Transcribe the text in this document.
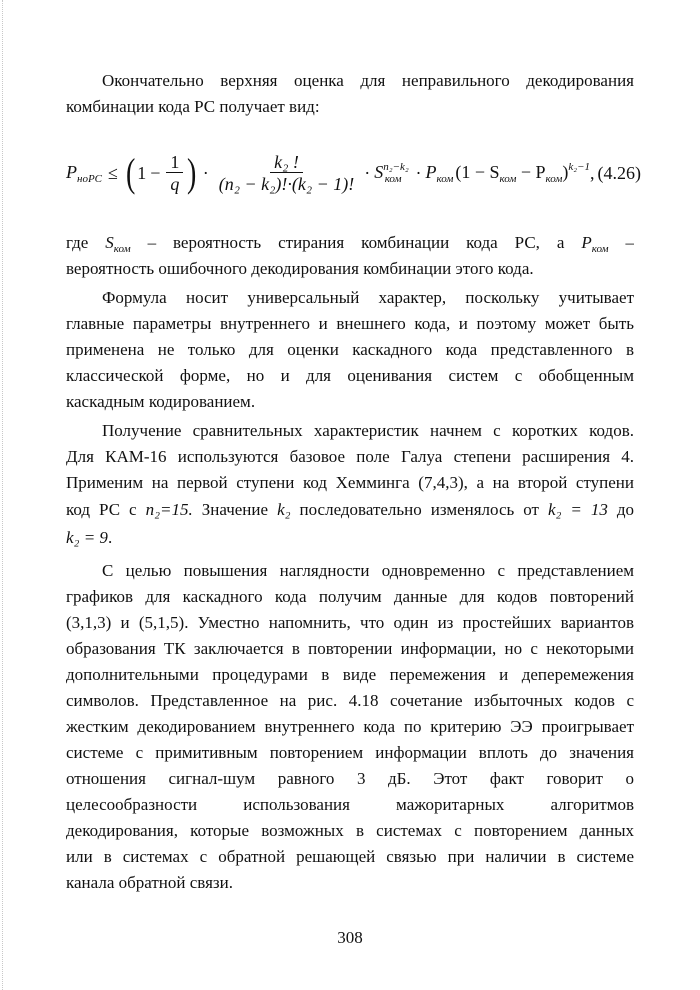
Окончательно верхняя оценка для неправильного декодирования
комбинации кода РС получает вид:
$P_{ноРС}$ ≤ ( $1 - \frac{1}{q}$ ) · $\frac{\text{k₂ !}}{\text{(n₂ − k₂)!·(k₂ − 1)!}} \cdot S^{n_2-k_2}_{ком} \cdot P_{ком}$ $(1 - S_{ком} - P_{ком})^{k_2-1}$ , (4.26)
где $S_{ком}$ – вероятность стирания комбинации кода РС, а $P_{ком}$ –
вероятность ошибочного декодирования комбинации этого кода.
Формула носит универсальный характер, поскольку учитывает
главные параметры внутреннего и внешнего кода, и поэтому может быть
применена не только для оценки каскадного кода представленного в
классической форме, но и для оценивания систем с обобщенным
каскадным кодированием.
Получение сравнительных характеристик начнем с коротких кодов.
Для КАМ-16 используются базовое поле Галуа степени расширения 4.
Применим на первой ступени код Хемминга (7,4,3), а на второй ступени
код РС с n₂=15. Значение k₂ последовательно изменялось от k₂ = 13 до
k₂ = 9.
С целью повышения наглядности одновременно с представлением
графиков для каскадного кода получим данные для кодов повторений
(3,1,3) и (5,1,5). Уместно напомнить, что один из простейших вариантов
образования ТК заключается в повторении информации, но с некоторыми
дополнительными процедурами в виде перемежения и деперемежения
символов. Представленное на рис. 4.18 сочетание избыточных кодов с
жестким декодированием внутреннего кода по критерию ЭЭ проигрывает
системе с примитивным повторением информации вплоть до значения
отношения сигнал-шум равного 3 дБ. Этот факт говорит о
целесообразности использования мажоритарных алгоритмов
декодирования, которые возможных в системах с повторением данных
или в системах с обратной решающей связью при наличии в системе
канала обратной связи.
308
